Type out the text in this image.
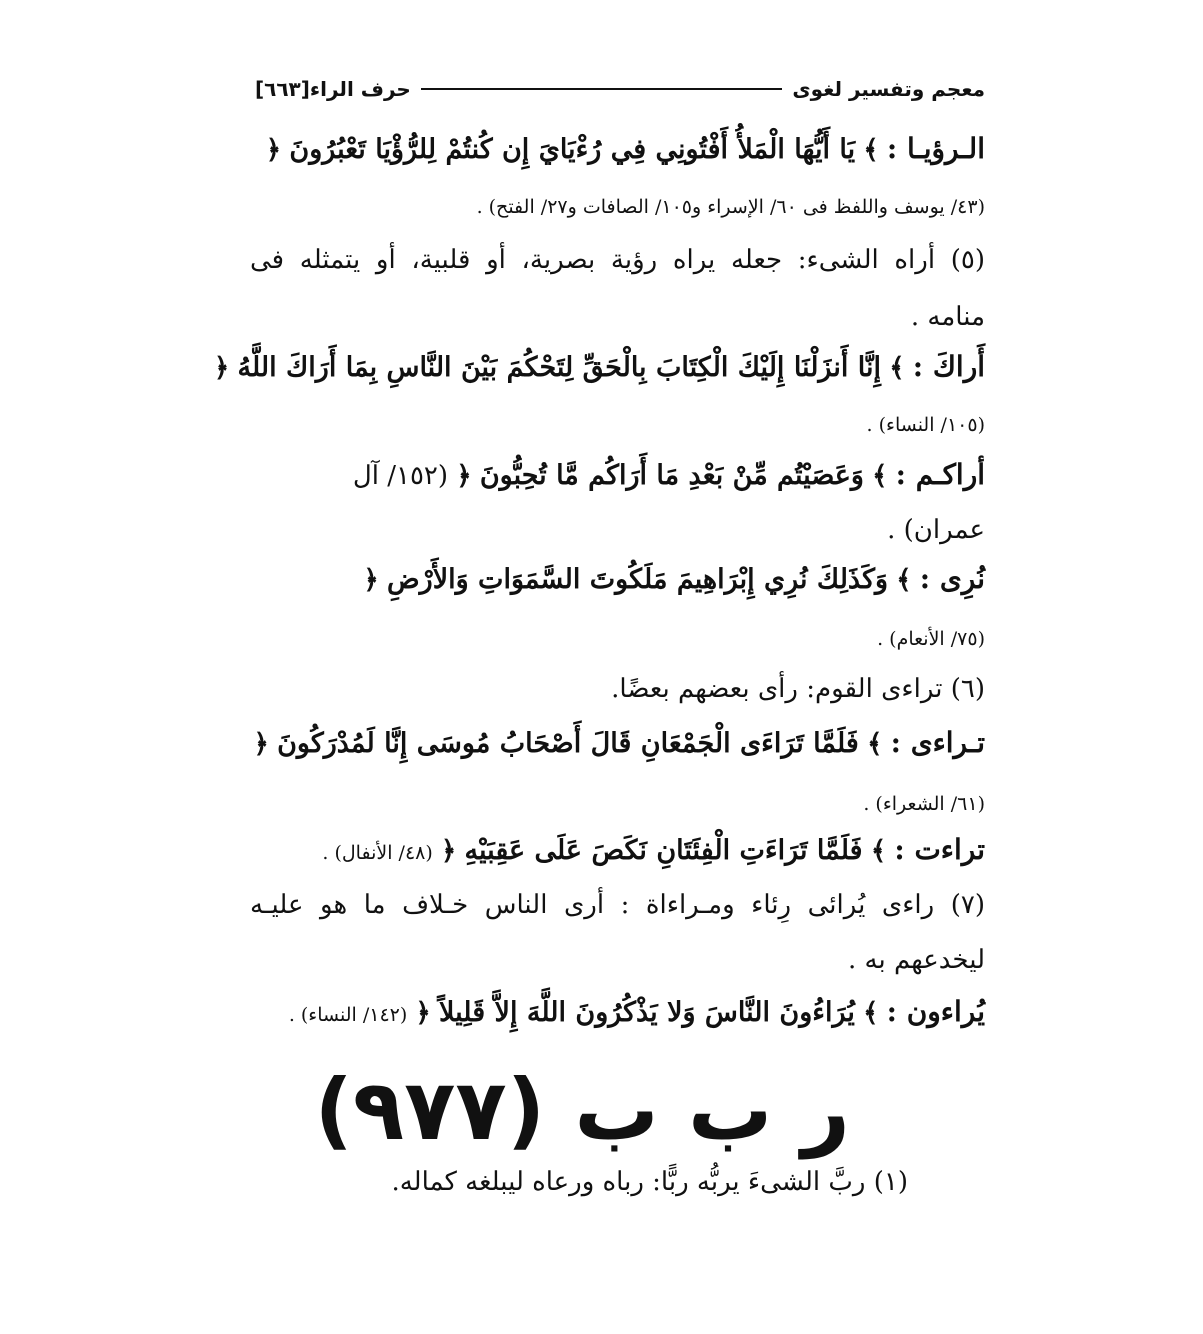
معجم وتفسير لغوى
حرف الراء
[٦٦٣]
الـرؤيـا : ﴾ يَا أَيُّهَا الْمَلأُ أَفْتُونِي فِي رُءْيَايَ إِن كُنتُمْ لِلرُّؤْيَا تَعْبُرُونَ ﴿
(٤٣/ يوسف واللفظ فى ٦٠/ الإسراء و١٠٥/ الصافات و٢٧/ الفتح) .
(٥) أراه الشىء: جعله يراه رؤية بصرية، أو قلبية، أو يتمثله فى
منامه .
أَراكَ : ﴾ إِنَّا أَنزَلْنَا إِلَيْكَ الْكِتَابَ بِالْحَقِّ لِتَحْكُمَ بَيْنَ النَّاسِ بِمَا أَرَاكَ اللَّهُ ﴿
(١٠٥/ النساء) .
أراكـم : ﴾ وَعَصَيْتُم مِّنْ بَعْدِ مَا أَرَاكُم مَّا تُحِبُّونَ ﴿ (١٥٢/ آل
عمران) .
نُرِى : ﴾ وَكَذَلِكَ نُرِي إِبْرَاهِيمَ مَلَكُوتَ السَّمَوَاتِ وَالأَرْضِ ﴿
(٧٥/ الأنعام) .
(٦) تراءى القوم: رأى بعضهم بعضًا.
تـراءى : ﴾ فَلَمَّا تَرَاءَى الْجَمْعَانِ قَالَ أَصْحَابُ مُوسَى إِنَّا لَمُدْرَكُونَ ﴿
(٦١/ الشعراء) .
تراءت : ﴾ فَلَمَّا تَرَاءَتِ الْفِئَتَانِ نَكَصَ عَلَى عَقِبَيْهِ ﴿ (٤٨/ الأنفال) .
(٧) راءى يُرائى رِئاء ومـراءاة : أرى الناس خـلاف ما هو عليـه
ليخدعهم به .
يُراءون : ﴾ يُرَاءُونَ النَّاسَ وَلا يَذْكُرُونَ اللَّهَ إِلاَّ قَلِيلاً ﴿ (١٤٢/ النساء) .
ر ب ب (٩٧٧)
(١) ربَّ الشىءَ يربُّه ربًّا: رباه ورعاه ليبلغه كماله.
